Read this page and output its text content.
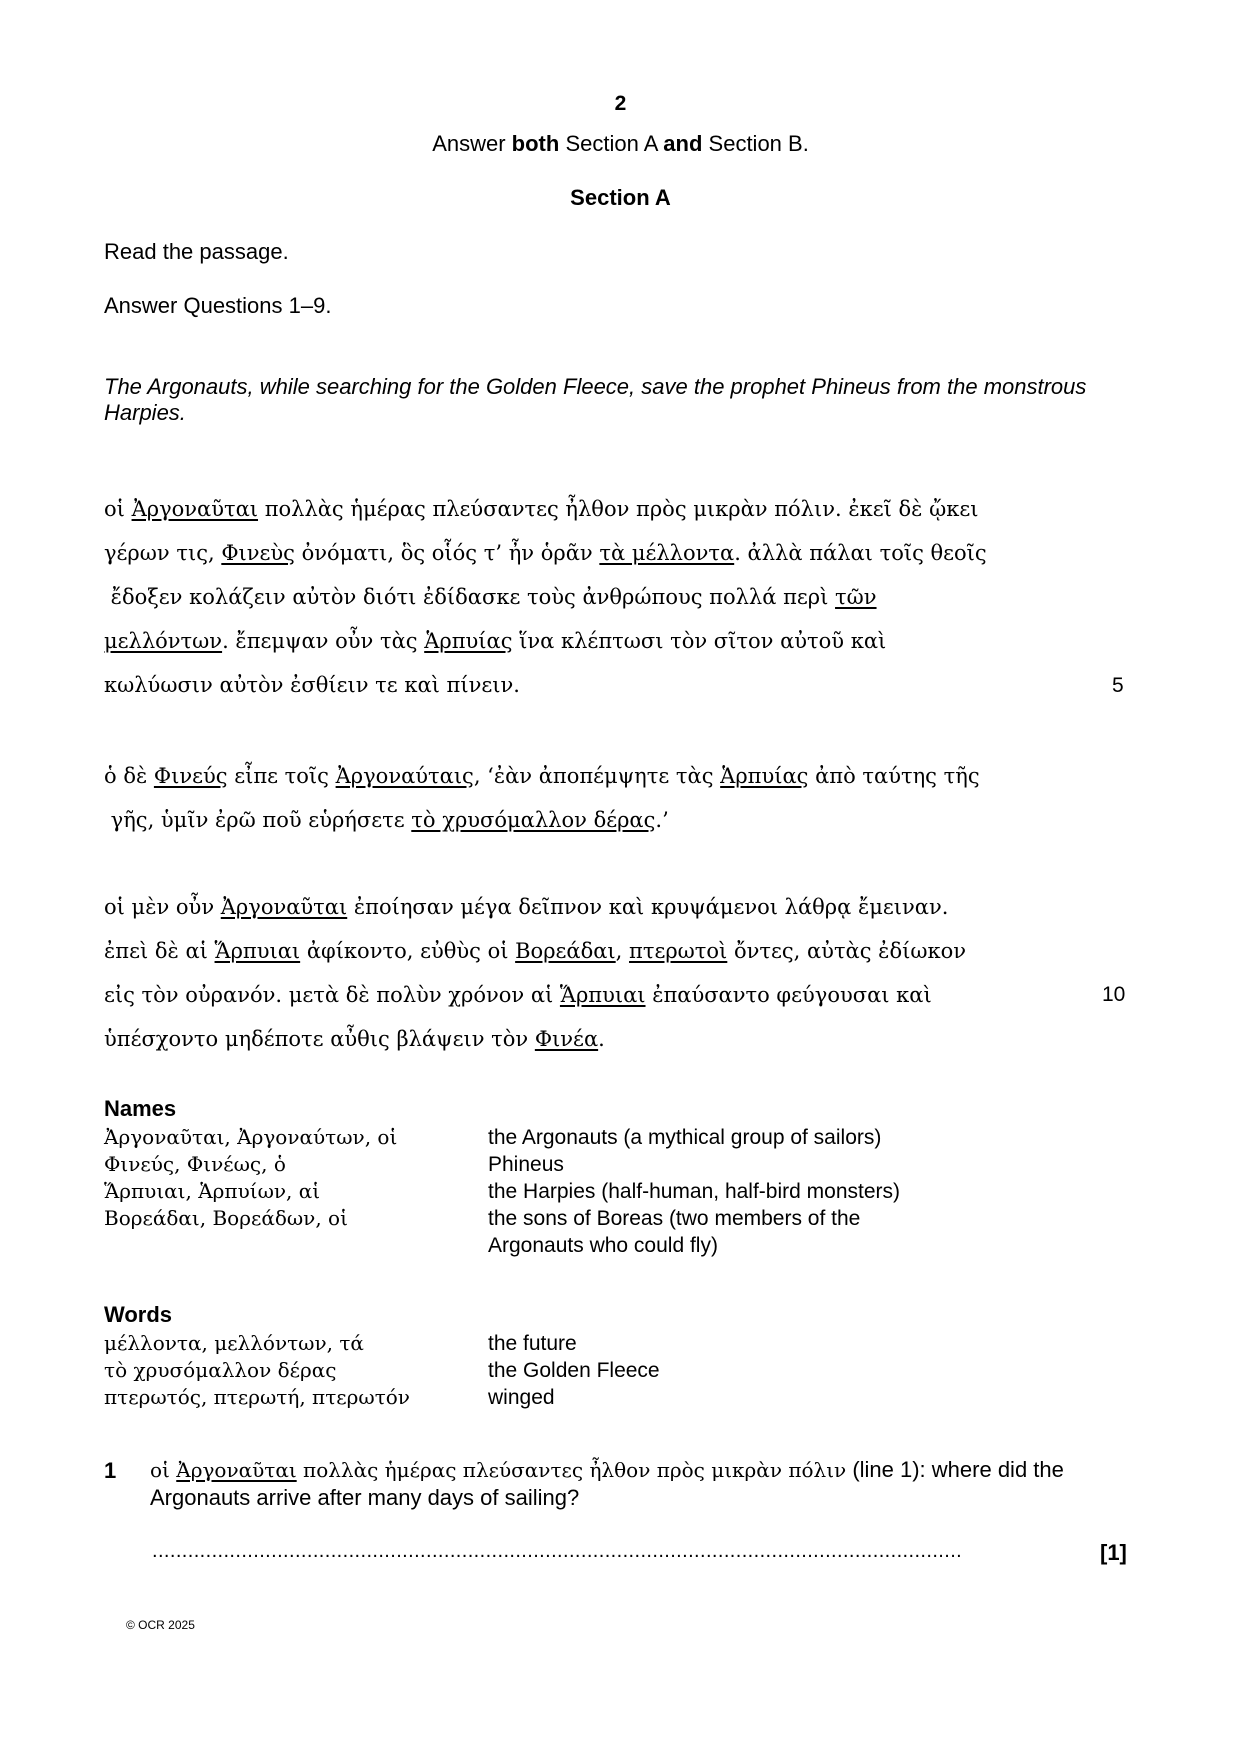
2
Answer both Section A and Section B.
Section A
Read the passage.
Answer Questions 1–9.
The Argonauts, while searching for the Golden Fleece, save the prophet Phineus from the monstrous Harpies.
οἱ Ἀργοναῦται πολλὰς ἡμέρας πλεύσαντες ἦλθον πρὸς μικρὰν πόλιν. ἐκεῖ δὲ ᾤκει
γέρων τις, Φινεὺς ὀνόματι, ὃς οἷός τ’ ἦν ὁρᾶν τὰ μέλλοντα. ἀλλὰ πάλαι τοῖς θεοῖς
ἔδοξεν κολάζειν αὐτὸν διότι ἐδίδασκε τοὺς ἀνθρώπους πολλά περὶ τῶν
μελλόντων. ἔπεμψαν οὖν τὰς Ἁρπυίας ἵνα κλέπτωσι τὸν σῖτον αὐτοῦ καὶ
κωλύωσιν αὐτὸν ἐσθίειν τε καὶ πίνειν.	5
ὁ δὲ Φινεύς εἶπε τοῖς Ἀργοναύταις, ‘ἐὰν ἀποπέμψητε τὰς Ἁρπυίας ἀπὸ ταύτης τῆς
γῆς, ὑμῖν ἐρῶ ποῦ εὑρήσετε τὸ χρυσόμαλλον δέρας.’
οἱ μὲν οὖν Ἀργοναῦται ἐποίησαν μέγα δεῖπνον καὶ κρυψάμενοι λάθρᾳ ἔμειναν.
ἐπεὶ δὲ αἱ Ἅρπυιαι ἀφίκοντο, εὐθὺς οἱ Βορεάδαι, πτερωτοὶ ὄντες, αὐτὰς ἐδίωκον
εἰς τὸν οὐρανόν. μετὰ δὲ πολὺν χρόνον αἱ Ἅρπυιαι ἐπαύσαντο φεύγουσαι καὶ	10
ὑπέσχοντο μηδέποτε αὖθις βλάψειν τὸν Φινέα.
Names
Ἀργοναῦται, Ἀργοναύτων, οἱ	the Argonauts (a mythical group of sailors)
Φινεύς, Φινέως, ὁ	Phineus
Ἅρπυιαι, Ἁρπυίων, αἱ	the Harpies (half-human, half-bird monsters)
Βορεάδαι, Βορεάδων, οἱ	the sons of Boreas (two members of the
Argonauts who could fly)
Words
μέλλοντα, μελλόντων, τά	the future
τὸ χρυσόμαλλον δέρας	the Golden Fleece
πτερωτός, πτερωτή, πτερωτόν	winged
1 οἱ Ἀργοναῦται πολλὰς ἡμέρας πλεύσαντες ἦλθον πρὸς μικρὰν πόλιν (line 1): where did the
Argonauts arrive after many days of sailing?
........................................................................................................................................	[1]
© OCR 2025
